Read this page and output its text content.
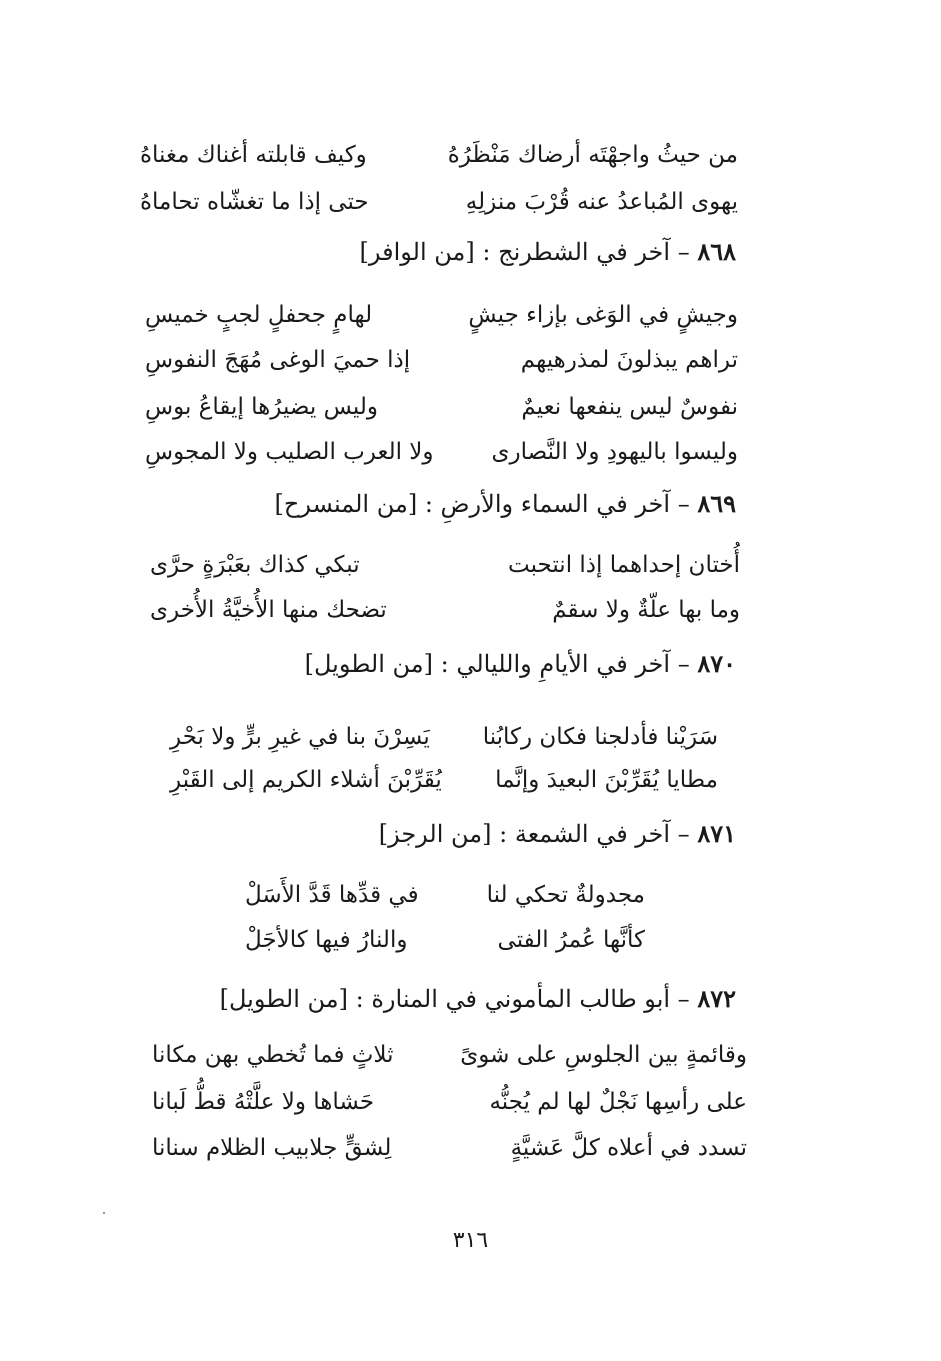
من حيثُ واجهْتَه أرضاك مَنْظَرُهُ
وكيف قابلته أغناك مغناهُ
يهوى المُباعدُ عنه قُرْبَ منزلِهِ
حتى إذا ما تغشّاه تحاماهُ
٨٦٨ – آخر في الشطرنج : [من الوافر]
وجيشٍ في الوَغى بإزاء جيشٍ
لهامٍ جحفلٍ لجبٍ خميسِ
تراهم يبذلونَ لمذرهيهم
إذا حميَ الوغى مُهَجَ النفوسِ
نفوسٌ ليس ينفعها نعيمٌ
وليس يضيرُها إيقاعُ بوسِ
وليسوا باليهودِ ولا النَّصارى
ولا العرب الصليب ولا المجوسِ
٨٦٩ – آخر في السماء والأرضِ : [من المنسرح]
أُختان إحداهما إذا انتحبت
تبكي كذاك بعَبْرَةٍ حرَّى
وما بها علّةٌ ولا سقمٌ
تضحك منها الأُخيَّةُ الأُخرى
٨٧٠ – آخر في الأيامِ والليالي : [من الطويل]
سَرَيْنا فأدلجنا فكان ركابُنا
يَسِرْنَ بنا في غيرِ برٍّ ولا بَحْرِ
مطايا يُقَرِّبْنَ البعيدَ وإنَّما
يُقَرِّبْنَ أشلاء الكريم إلى القَبْرِ
٨٧١ – آخر في الشمعة : [من الرجز]
مجدولةٌ تحكي لنا
في قدِّها قَدَّ الأَسَلْ
كأنَّها عُمرُ الفتى
والنارُ فيها كالأجَلْ
٨٧٢ – أبو طالب المأموني في المنارة : [من الطويل]
وقائمةٍ بين الجلوسِ على شوىً
ثلاثٍ فما تُخطي بهن مكانا
على رأسِها نَجْلٌ لها لم يُجنُّه
حَشاها ولا علَّتْهُ قطُّ لَبانا
تسدد في أعلاه كلَّ عَشيَّةٍ
لِشقٍّ جلابيب الظلام سنانا
٣١٦
